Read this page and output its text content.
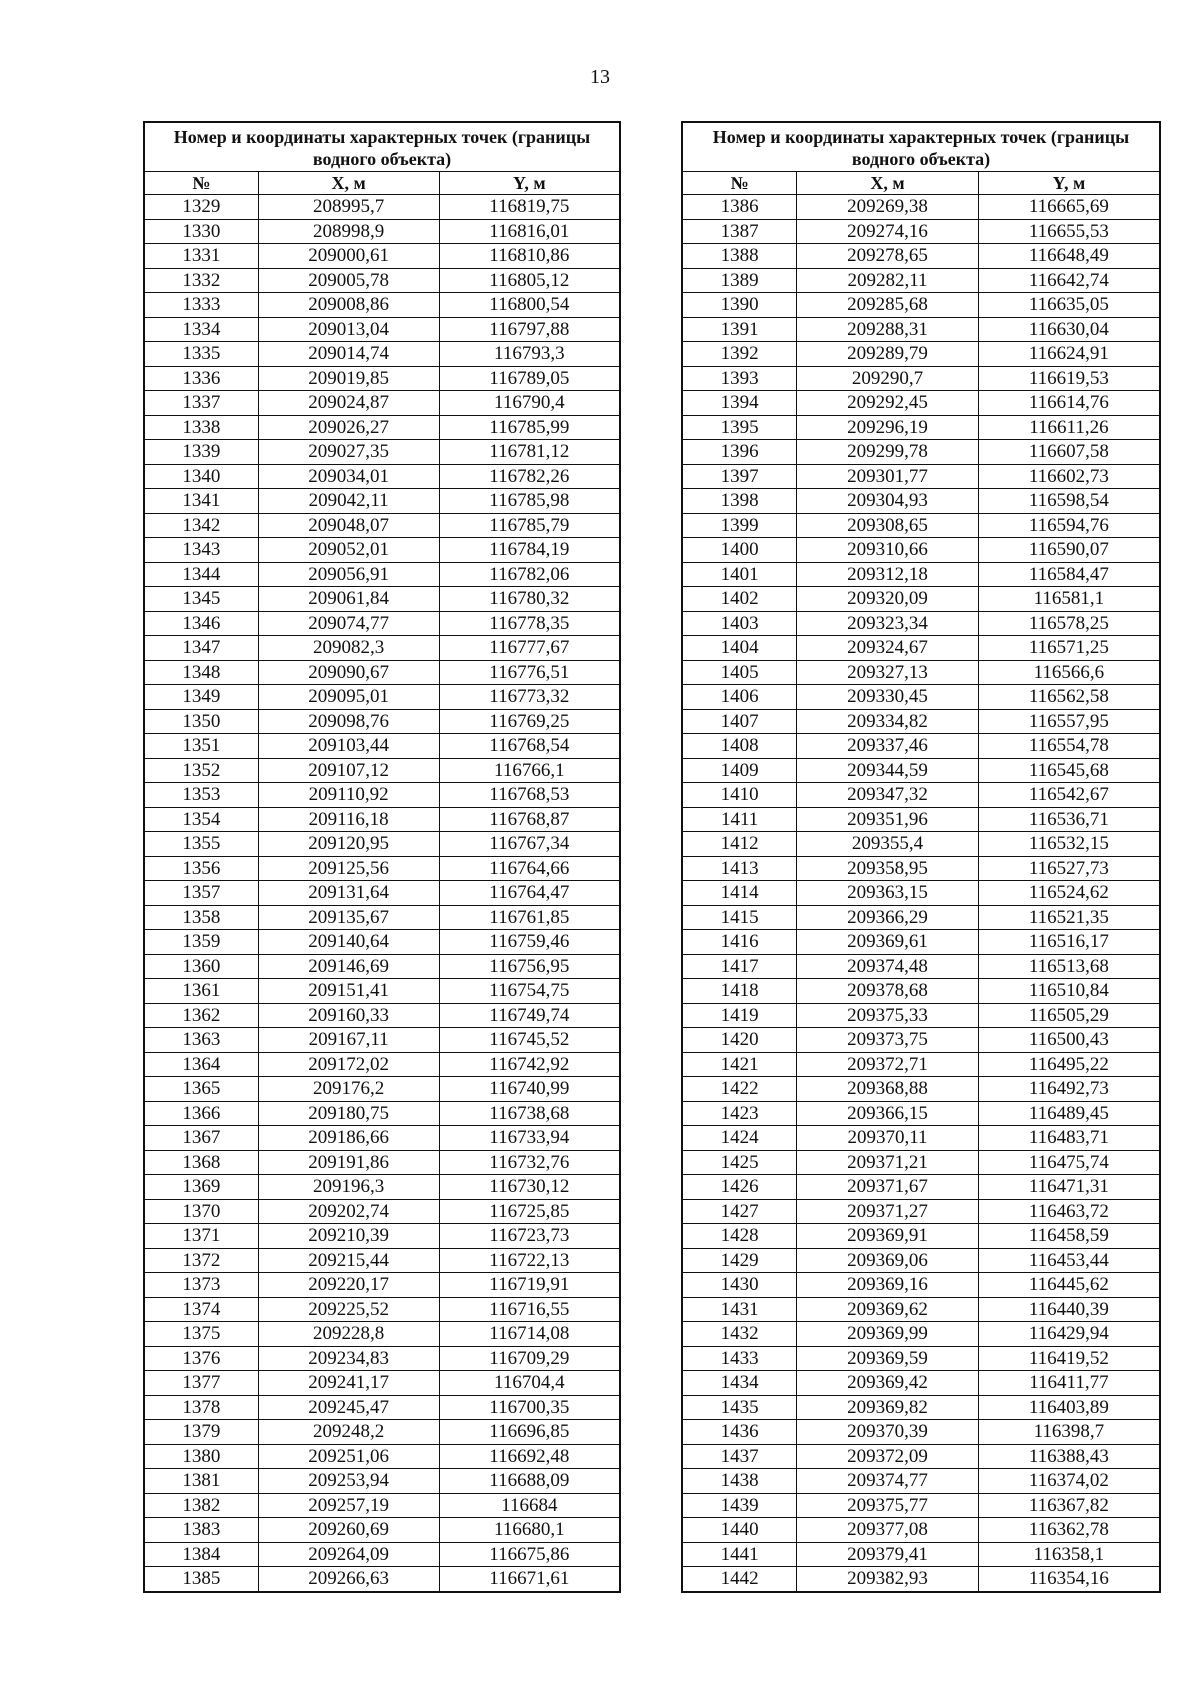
13
Номер и координаты характерных точек (границы водного объекта)		
№	X, м	Y, м
1329	208995,7	116819,75
1330	208998,9	116816,01
1331	209000,61	116810,86
1332	209005,78	116805,12
1333	209008,86	116800,54
1334	209013,04	116797,88
1335	209014,74	116793,3
1336	209019,85	116789,05
1337	209024,87	116790,4
1338	209026,27	116785,99
1339	209027,35	116781,12
1340	209034,01	116782,26
1341	209042,11	116785,98
1342	209048,07	116785,79
1343	209052,01	116784,19
1344	209056,91	116782,06
1345	209061,84	116780,32
1346	209074,77	116778,35
1347	209082,3	116777,67
1348	209090,67	116776,51
1349	209095,01	116773,32
1350	209098,76	116769,25
1351	209103,44	116768,54
1352	209107,12	116766,1
1353	209110,92	116768,53
1354	209116,18	116768,87
1355	209120,95	116767,34
1356	209125,56	116764,66
1357	209131,64	116764,47
1358	209135,67	116761,85
1359	209140,64	116759,46
1360	209146,69	116756,95
1361	209151,41	116754,75
1362	209160,33	116749,74
1363	209167,11	116745,52
1364	209172,02	116742,92
1365	209176,2	116740,99
1366	209180,75	116738,68
1367	209186,66	116733,94
1368	209191,86	116732,76
1369	209196,3	116730,12
1370	209202,74	116725,85
1371	209210,39	116723,73
1372	209215,44	116722,13
1373	209220,17	116719,91
1374	209225,52	116716,55
1375	209228,8	116714,08
1376	209234,83	116709,29
1377	209241,17	116704,4
1378	209245,47	116700,35
1379	209248,2	116696,85
1380	209251,06	116692,48
1381	209253,94	116688,09
1382	209257,19	116684
1383	209260,69	116680,1
1384	209264,09	116675,86
1385	209266,63	116671,61
Номер и координаты характерных точек (границы водного объекта)		
№	X, м	Y, м
1386	209269,38	116665,69
1387	209274,16	116655,53
1388	209278,65	116648,49
1389	209282,11	116642,74
1390	209285,68	116635,05
1391	209288,31	116630,04
1392	209289,79	116624,91
1393	209290,7	116619,53
1394	209292,45	116614,76
1395	209296,19	116611,26
1396	209299,78	116607,58
1397	209301,77	116602,73
1398	209304,93	116598,54
1399	209308,65	116594,76
1400	209310,66	116590,07
1401	209312,18	116584,47
1402	209320,09	116581,1
1403	209323,34	116578,25
1404	209324,67	116571,25
1405	209327,13	116566,6
1406	209330,45	116562,58
1407	209334,82	116557,95
1408	209337,46	116554,78
1409	209344,59	116545,68
1410	209347,32	116542,67
1411	209351,96	116536,71
1412	209355,4	116532,15
1413	209358,95	116527,73
1414	209363,15	116524,62
1415	209366,29	116521,35
1416	209369,61	116516,17
1417	209374,48	116513,68
1418	209378,68	116510,84
1419	209375,33	116505,29
1420	209373,75	116500,43
1421	209372,71	116495,22
1422	209368,88	116492,73
1423	209366,15	116489,45
1424	209370,11	116483,71
1425	209371,21	116475,74
1426	209371,67	116471,31
1427	209371,27	116463,72
1428	209369,91	116458,59
1429	209369,06	116453,44
1430	209369,16	116445,62
1431	209369,62	116440,39
1432	209369,99	116429,94
1433	209369,59	116419,52
1434	209369,42	116411,77
1435	209369,82	116403,89
1436	209370,39	116398,7
1437	209372,09	116388,43
1438	209374,77	116374,02
1439	209375,77	116367,82
1440	209377,08	116362,78
1441	209379,41	116358,1
1442	209382,93	116354,16
